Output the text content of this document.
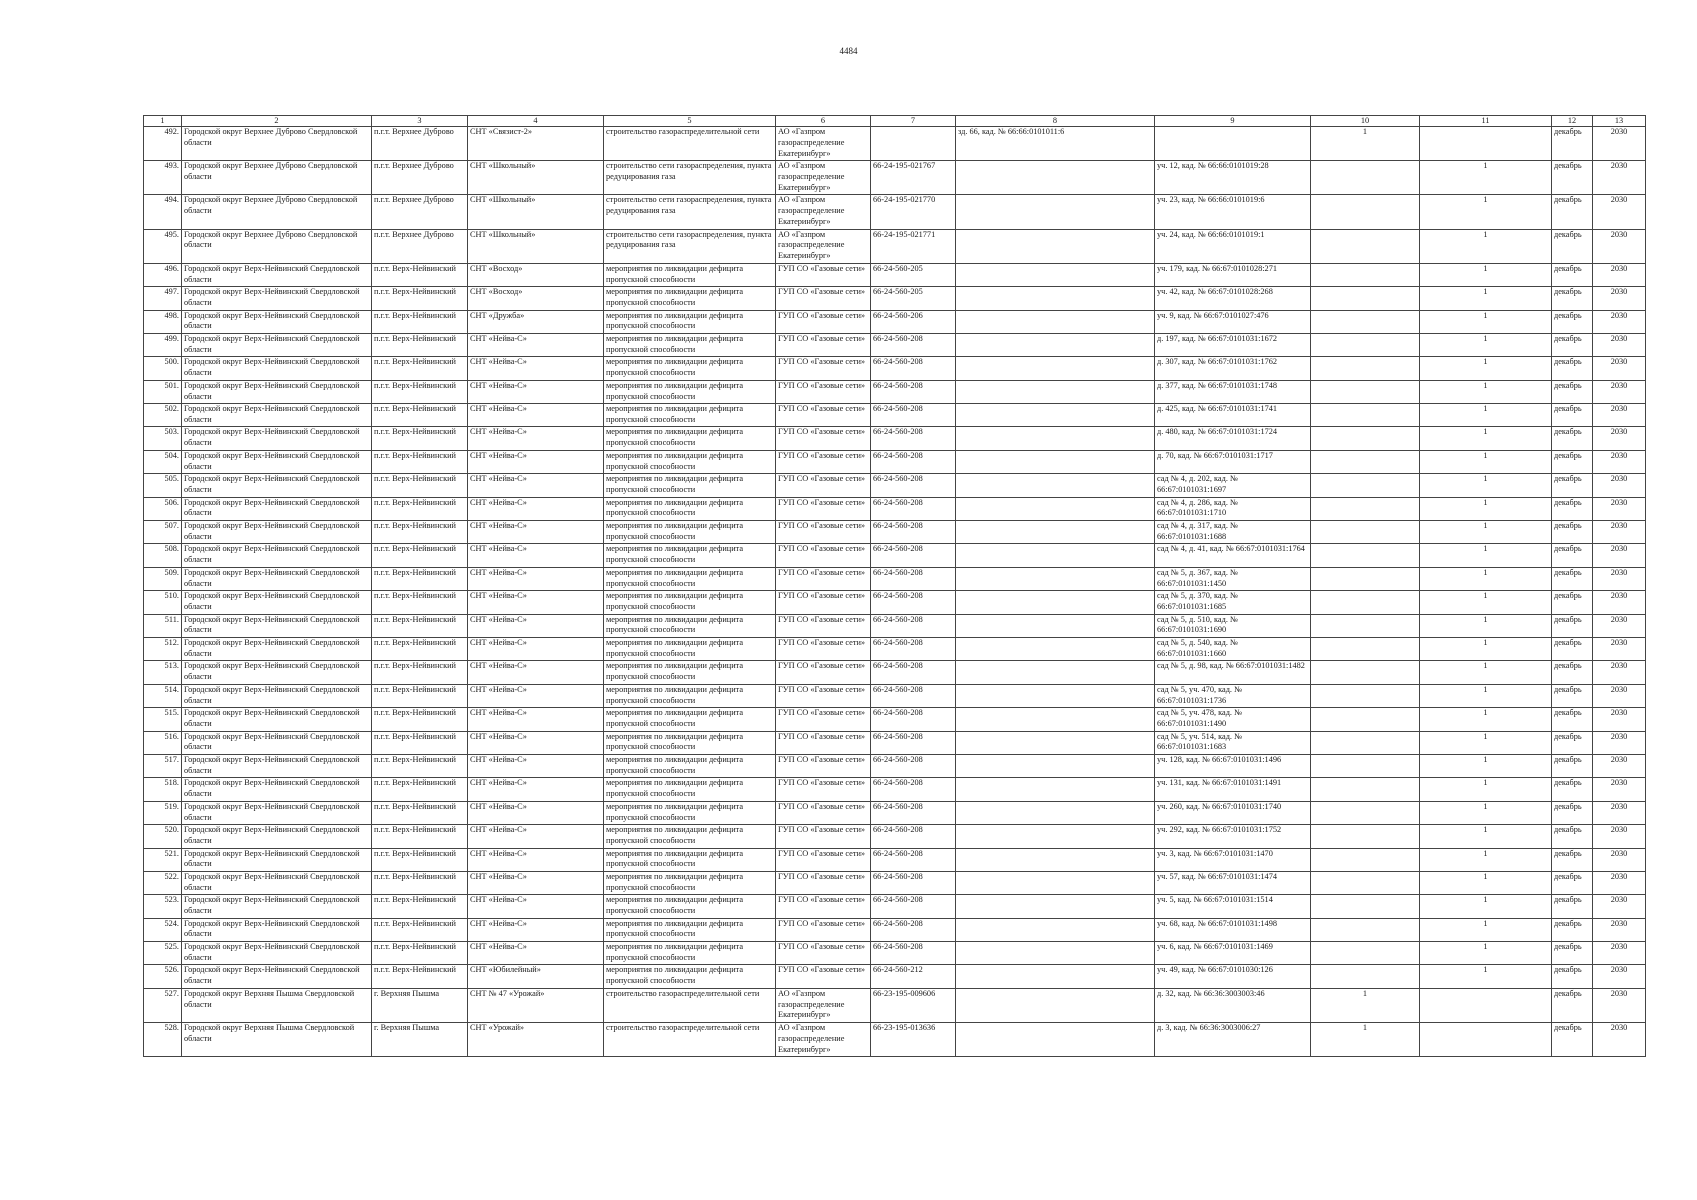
4484
1	2	3	4	5	6	7	8	9	10	11	12	13
492.	Городской округ Верхнее Дуброво Свердловской области	п.г.т. Верхнее Дуброво	СНТ «Связист-2»	строительство газораспределительной сети	АО «Газпром газораспределение Екатеринбург»		зд. 66, кад. № 66:66:0101011:6		1		декабрь	2030
493.	Городской округ Верхнее Дуброво Свердловской области	п.г.т. Верхнее Дуброво	СНТ «Школьный»	строительство сети газораспределения, пункта редуцирования газа	АО «Газпром газораспределение Екатеринбург»	66-24-195-021767		уч. 12, кад. № 66:66:0101019:28		1	декабрь	2030
494.	Городской округ Верхнее Дуброво Свердловской области	п.г.т. Верхнее Дуброво	СНТ «Школьный»	строительство сети газораспределения, пункта редуцирования газа	АО «Газпром газораспределение Екатеринбург»	66-24-195-021770		уч. 23, кад. № 66:66:0101019:6		1	декабрь	2030
495.	Городской округ Верхнее Дуброво Свердловской области	п.г.т. Верхнее Дуброво	СНТ «Школьный»	строительство сети газораспределения, пункта редуцирования газа	АО «Газпром газораспределение Екатеринбург»	66-24-195-021771		уч. 24, кад. № 66:66:0101019:1		1	декабрь	2030
496.	Городской округ Верх-Нейвинский Свердловской области	п.г.т. Верх-Нейвинский	СНТ «Восход»	мероприятия по ликвидации дефицита пропускной способности	ГУП СО «Газовые сети»	66-24-560-205		уч. 179, кад. № 66:67:0101028:271		1	декабрь	2030
497.	Городской округ Верх-Нейвинский Свердловской области	п.г.т. Верх-Нейвинский	СНТ «Восход»	мероприятия по ликвидации дефицита пропускной способности	ГУП СО «Газовые сети»	66-24-560-205		уч. 42, кад. № 66:67:0101028:268		1	декабрь	2030
498.	Городской округ Верх-Нейвинский Свердловской области	п.г.т. Верх-Нейвинский	СНТ «Дружба»	мероприятия по ликвидации дефицита пропускной способности	ГУП СО «Газовые сети»	66-24-560-206		уч. 9, кад. № 66:67:0101027:476		1	декабрь	2030
499.	Городской округ Верх-Нейвинский Свердловской области	п.г.т. Верх-Нейвинский	СНТ «Нейва-С»	мероприятия по ликвидации дефицита пропускной способности	ГУП СО «Газовые сети»	66-24-560-208		д. 197, кад. № 66:67:0101031:1672		1	декабрь	2030
500.	Городской округ Верх-Нейвинский Свердловской области	п.г.т. Верх-Нейвинский	СНТ «Нейва-С»	мероприятия по ликвидации дефицита пропускной способности	ГУП СО «Газовые сети»	66-24-560-208		д. 307, кад. № 66:67:0101031:1762		1	декабрь	2030
501.	Городской округ Верх-Нейвинский Свердловской области	п.г.т. Верх-Нейвинский	СНТ «Нейва-С»	мероприятия по ликвидации дефицита пропускной способности	ГУП СО «Газовые сети»	66-24-560-208		д. 377, кад. № 66:67:0101031:1748		1	декабрь	2030
502.	Городской округ Верх-Нейвинский Свердловской области	п.г.т. Верх-Нейвинский	СНТ «Нейва-С»	мероприятия по ликвидации дефицита пропускной способности	ГУП СО «Газовые сети»	66-24-560-208		д. 425, кад. № 66:67:0101031:1741		1	декабрь	2030
503.	Городской округ Верх-Нейвинский Свердловской области	п.г.т. Верх-Нейвинский	СНТ «Нейва-С»	мероприятия по ликвидации дефицита пропускной способности	ГУП СО «Газовые сети»	66-24-560-208		д. 480, кад. № 66:67:0101031:1724		1	декабрь	2030
504.	Городской округ Верх-Нейвинский Свердловской области	п.г.т. Верх-Нейвинский	СНТ «Нейва-С»	мероприятия по ликвидации дефицита пропускной способности	ГУП СО «Газовые сети»	66-24-560-208		д. 70, кад. № 66:67:0101031:1717		1	декабрь	2030
505.	Городской округ Верх-Нейвинский Свердловской области	п.г.т. Верх-Нейвинский	СНТ «Нейва-С»	мероприятия по ликвидации дефицита пропускной способности	ГУП СО «Газовые сети»	66-24-560-208		сад № 4, д. 202, кад. № 66:67:0101031:1697		1	декабрь	2030
506.	Городской округ Верх-Нейвинский Свердловской области	п.г.т. Верх-Нейвинский	СНТ «Нейва-С»	мероприятия по ликвидации дефицита пропускной способности	ГУП СО «Газовые сети»	66-24-560-208		сад № 4, д. 286, кад. № 66:67:0101031:1710		1	декабрь	2030
507.	Городской округ Верх-Нейвинский Свердловской области	п.г.т. Верх-Нейвинский	СНТ «Нейва-С»	мероприятия по ликвидации дефицита пропускной способности	ГУП СО «Газовые сети»	66-24-560-208		сад № 4, д. 317, кад. № 66:67:0101031:1688		1	декабрь	2030
508.	Городской округ Верх-Нейвинский Свердловской области	п.г.т. Верх-Нейвинский	СНТ «Нейва-С»	мероприятия по ликвидации дефицита пропускной способности	ГУП СО «Газовые сети»	66-24-560-208		сад № 4, д. 41, кад. № 66:67:0101031:1764		1	декабрь	2030
509.	Городской округ Верх-Нейвинский Свердловской области	п.г.т. Верх-Нейвинский	СНТ «Нейва-С»	мероприятия по ликвидации дефицита пропускной способности	ГУП СО «Газовые сети»	66-24-560-208		сад № 5, д. 367, кад. № 66:67:0101031:1450		1	декабрь	2030
510.	Городской округ Верх-Нейвинский Свердловской области	п.г.т. Верх-Нейвинский	СНТ «Нейва-С»	мероприятия по ликвидации дефицита пропускной способности	ГУП СО «Газовые сети»	66-24-560-208		сад № 5, д. 370, кад. № 66:67:0101031:1685		1	декабрь	2030
511.	Городской округ Верх-Нейвинский Свердловской области	п.г.т. Верх-Нейвинский	СНТ «Нейва-С»	мероприятия по ликвидации дефицита пропускной способности	ГУП СО «Газовые сети»	66-24-560-208		сад № 5, д. 510, кад. № 66:67:0101031:1690		1	декабрь	2030
512.	Городской округ Верх-Нейвинский Свердловской области	п.г.т. Верх-Нейвинский	СНТ «Нейва-С»	мероприятия по ликвидации дефицита пропускной способности	ГУП СО «Газовые сети»	66-24-560-208		сад № 5, д. 540, кад. № 66:67:0101031:1660		1	декабрь	2030
513.	Городской округ Верх-Нейвинский Свердловской области	п.г.т. Верх-Нейвинский	СНТ «Нейва-С»	мероприятия по ликвидации дефицита пропускной способности	ГУП СО «Газовые сети»	66-24-560-208		сад № 5, д. 98, кад. № 66:67:0101031:1482		1	декабрь	2030
514.	Городской округ Верх-Нейвинский Свердловской области	п.г.т. Верх-Нейвинский	СНТ «Нейва-С»	мероприятия по ликвидации дефицита пропускной способности	ГУП СО «Газовые сети»	66-24-560-208		сад № 5, уч. 470, кад. № 66:67:0101031:1736		1	декабрь	2030
515.	Городской округ Верх-Нейвинский Свердловской области	п.г.т. Верх-Нейвинский	СНТ «Нейва-С»	мероприятия по ликвидации дефицита пропускной способности	ГУП СО «Газовые сети»	66-24-560-208		сад № 5, уч. 478, кад. № 66:67:0101031:1490		1	декабрь	2030
516.	Городской округ Верх-Нейвинский Свердловской области	п.г.т. Верх-Нейвинский	СНТ «Нейва-С»	мероприятия по ликвидации дефицита пропускной способности	ГУП СО «Газовые сети»	66-24-560-208		сад № 5, уч. 514, кад. № 66:67:0101031:1683		1	декабрь	2030
517.	Городской округ Верх-Нейвинский Свердловской области	п.г.т. Верх-Нейвинский	СНТ «Нейва-С»	мероприятия по ликвидации дефицита пропускной способности	ГУП СО «Газовые сети»	66-24-560-208		уч. 128, кад. № 66:67:0101031:1496		1	декабрь	2030
518.	Городской округ Верх-Нейвинский Свердловской области	п.г.т. Верх-Нейвинский	СНТ «Нейва-С»	мероприятия по ликвидации дефицита пропускной способности	ГУП СО «Газовые сети»	66-24-560-208		уч. 131, кад. № 66:67:0101031:1491		1	декабрь	2030
519.	Городской округ Верх-Нейвинский Свердловской области	п.г.т. Верх-Нейвинский	СНТ «Нейва-С»	мероприятия по ликвидации дефицита пропускной способности	ГУП СО «Газовые сети»	66-24-560-208		уч. 260, кад. № 66:67:0101031:1740		1	декабрь	2030
520.	Городской округ Верх-Нейвинский Свердловской области	п.г.т. Верх-Нейвинский	СНТ «Нейва-С»	мероприятия по ликвидации дефицита пропускной способности	ГУП СО «Газовые сети»	66-24-560-208		уч. 292, кад. № 66:67:0101031:1752		1	декабрь	2030
521.	Городской округ Верх-Нейвинский Свердловской области	п.г.т. Верх-Нейвинский	СНТ «Нейва-С»	мероприятия по ликвидации дефицита пропускной способности	ГУП СО «Газовые сети»	66-24-560-208		уч. 3, кад. № 66:67:0101031:1470		1	декабрь	2030
522.	Городской округ Верх-Нейвинский Свердловской области	п.г.т. Верх-Нейвинский	СНТ «Нейва-С»	мероприятия по ликвидации дефицита пропускной способности	ГУП СО «Газовые сети»	66-24-560-208		уч. 57, кад. № 66:67:0101031:1474		1	декабрь	2030
523.	Городской округ Верх-Нейвинский Свердловской области	п.г.т. Верх-Нейвинский	СНТ «Нейва-С»	мероприятия по ликвидации дефицита пропускной способности	ГУП СО «Газовые сети»	66-24-560-208		уч. 5, кад. № 66:67:0101031:1514		1	декабрь	2030
524.	Городской округ Верх-Нейвинский Свердловской области	п.г.т. Верх-Нейвинский	СНТ «Нейва-С»	мероприятия по ликвидации дефицита пропускной способности	ГУП СО «Газовые сети»	66-24-560-208		уч. 68, кад. № 66:67:0101031:1498		1	декабрь	2030
525.	Городской округ Верх-Нейвинский Свердловской области	п.г.т. Верх-Нейвинский	СНТ «Нейва-С»	мероприятия по ликвидации дефицита пропускной способности	ГУП СО «Газовые сети»	66-24-560-208		уч. 6, кад. № 66:67:0101031:1469		1	декабрь	2030
526.	Городской округ Верх-Нейвинский Свердловской области	п.г.т. Верх-Нейвинский	СНТ «Юбилейный»	мероприятия по ликвидации дефицита пропускной способности	ГУП СО «Газовые сети»	66-24-560-212		уч. 49, кад. № 66:67:0101030:126		1	декабрь	2030
527.	Городской округ Верхняя Пышма Свердловской области	г. Верхняя Пышма	СНТ № 47 «Урожай»	строительство газораспределительной сети	АО «Газпром газораспределение Екатеринбург»	66-23-195-009606		д. 32, кад. № 66:36:3003003:46	1		декабрь	2030
528.	Городской округ Верхняя Пышма Свердловской области	г. Верхняя Пышма	СНТ «Урожай»	строительство газораспределительной сети	АО «Газпром газораспределение Екатеринбург»	66-23-195-013636		д. 3, кад. № 66:36:3003006:27	1		декабрь	2030
